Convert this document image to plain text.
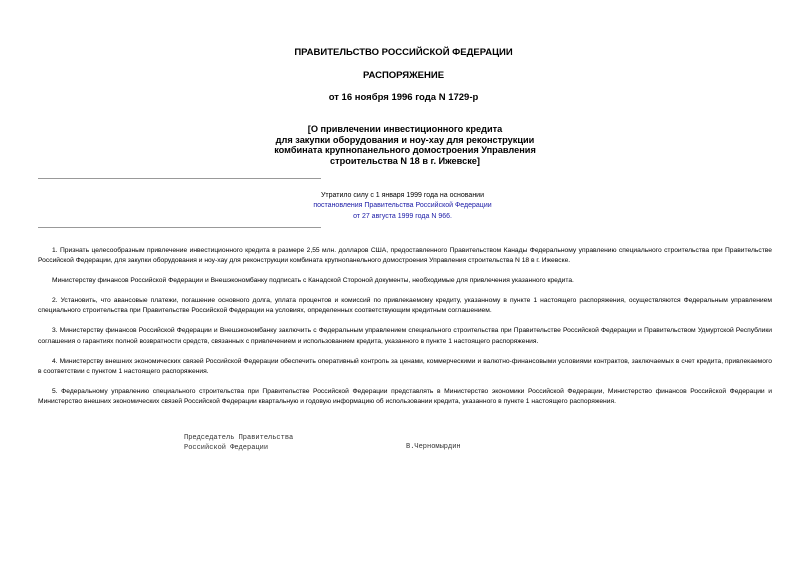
ПРАВИТЕЛЬСТВО РОССИЙСКОЙ ФЕДЕРАЦИИ
РАСПОРЯЖЕНИЕ
от 16 ноября 1996 года N 1729-р
[О привлечении инвестиционного кредита
для закупки оборудования и ноу-хау для реконструкции
комбината крупнопанельного домостроения Управления
строительства N 18 в г. Ижевске]
Утратило силу с 1 января 1999 года на основании
постановления Правительства Российской Федерации
от 27 августа 1999 года N 966.

1. Признать целесообразным привлечение инвестиционного кредита в размере 2,55 млн. долларов США, предоставленного Правительством Канады Федеральному управлению специального строительства при Правительстве Российской Федерации, для закупки оборудования и ноу-хау для реконструкции комбината крупнопанельного домостроения Управления строительства N 18 в г. Ижевске.

Министерству финансов Российской Федерации и Внешэкономбанку подписать с Канадской Стороной документы, необходимые для привлечения указанного кредита.

2. Установить, что авансовые платежи, погашение основного долга, уплата процентов и комиссий по привлекаемому кредиту, указанному в пункте 1 настоящего распоряжения, осуществляются Федеральным управлением специального строительства при Правительстве Российской Федерации на условиях, определенных соответствующим кредитным соглашением.

3. Министерству финансов Российской Федерации и Внешэкономбанку заключить с Федеральным управлением специального строительства при Правительстве Российской Федерации и Правительством Удмуртской Республики соглашения о гарантиях полной возвратности средств, связанных с привлечением и использованием кредита, указанного в пункте 1 настоящего распоряжения.

4. Министерству внешних экономических связей Российской Федерации обеспечить оперативный контроль за ценами, коммерческими и валютно-финансовыми условиями контрактов, заключаемых в счет кредита, привлекаемого в соответствии с пунктом 1 настоящего распоряжения.

5. Федеральному управлению специального строительства при Правительстве Российской Федерации представлять в Министерство экономики Российской Федерации, Министерство финансов Российской Федерации и Министерство внешних экономических связей Российской Федерации квартальную и годовую информацию об использовании кредита, указанного в пункте 1 настоящего распоряжения.

Председатель Правительства
Российской Федерации	В.Черномырдин
